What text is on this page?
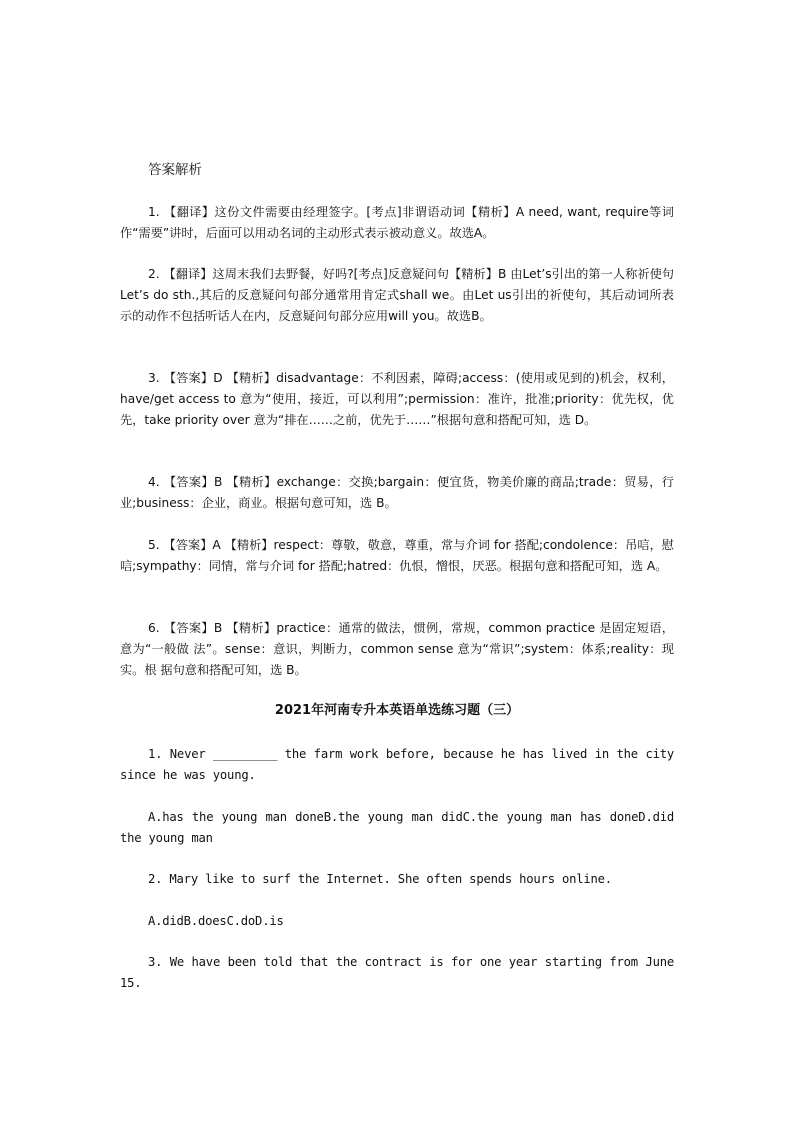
答案解析

1. 【翻译】这份文件需要由经理签字。[考点]非谓语动词【精析】A need, want, require等词作“需要”讲时，后面可以用动名词的主动形式表示被动意义。故选A。

2. 【翻译】这周末我们去野餐，好吗?[考点]反意疑问句【精析】B 由Let’s引出的第一人称祈使句Let’s do sth.,其后的反意疑问句部分通常用肯定式shall we。由Let us引出的祈使句，其后动词所表示的动作不包括听话人在内，反意疑问句部分应用will you。故选B。

3. 【答案】D 【精析】disadvantage：不利因素，障碍;access：(使用或见到的)机会，权利，have/get access to 意为“使用，接近，可以利用”;permission：准许，批准;priority：优先权，优先，take priority over 意为“排在……之前，优先于……”根据句意和搭配可知，选 D。

4. 【答案】B 【精析】exchange：交换;bargain：便宜货，物美价廉的商品;trade：贸易，行业;business：企业，商业。根据句意可知，选 B。

5. 【答案】A 【精析】respect：尊敬，敬意，尊重，常与介词 for 搭配;condolence：吊唁，慰唁;sympathy：同情，常与介词 for 搭配;hatred：仇恨，憎恨，厌恶。根据句意和搭配可知，选 A。

6. 【答案】B 【精析】practice：通常的做法，惯例，常规，common practice 是固定短语，意为“一般做 法”。sense：意识，判断力，common sense 意为“常识”;system：体系;reality：现实。根 据句意和搭配可知，选 B。

2021年河南专升本英语单选练习题（三）

1. Never _________ the farm work before, because he has lived in the city since he was young.

A.has the young man doneB.the young man didC.the young man has doneD.did the young man

2. Mary like to surf the Internet. She often spends hours online.

A.didB.doesC.doD.is

3. We have been told that the contract is for one year starting from June 15.
